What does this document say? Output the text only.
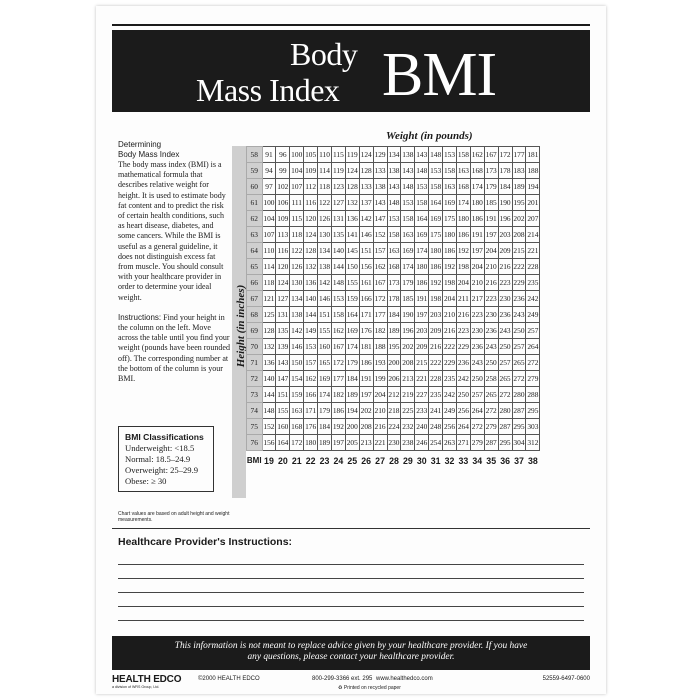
Body
Mass Index BMI
Determining
Body Mass Index

The body mass index (BMI) is a mathematical formula that describes relative weight for height. It is used to estimate body fat content and to predict the risk of certain health conditions, such as heart disease, diabetes, and some cancers. While the BMI is useful as a general guideline, it does not distinguish excess fat from muscle. You should consult with your healthcare provider in order to determine your ideal weight.

Instructions: Find your height in the column on the left. Move across the table until you find your weight (pounds have been rounded off). The corresponding number at the bottom of the column is your BMI.

BMI Classifications
Underweight: <18.5
Normal: 18.5–24.9
Overweight: 25–29.9
Obese: ≥ 30
Chart values are based on adult height and weight measurements.
Weight (in pounds)
Height (in inches)
58	91	96	100	105	110	115	119	124	129	134	138	143	148	153	158	162	167	172	177	181
59	94	99	104	109	114	119	124	128	133	138	143	148	153	158	163	168	173	178	183	188
60	97	102	107	112	118	123	128	133	138	143	148	153	158	163	168	174	179	184	189	194
61	100	106	111	116	122	127	132	137	143	148	153	158	164	169	174	180	185	190	195	201
62	104	109	115	120	126	131	136	142	147	153	158	164	169	175	180	186	191	196	202	207
63	107	113	118	124	130	135	141	146	152	158	163	169	175	180	186	191	197	203	208	214
64	110	116	122	128	134	140	145	151	157	163	169	174	180	186	192	197	204	209	215	221
65	114	120	126	132	138	144	150	156	162	168	174	180	186	192	198	204	210	216	222	228
66	118	124	130	136	142	148	155	161	167	173	179	186	192	198	204	210	216	223	229	235
67	121	127	134	140	146	153	159	166	172	178	185	191	198	204	211	217	223	230	236	242
68	125	131	138	144	151	158	164	171	177	184	190	197	203	210	216	223	230	236	243	249
69	128	135	142	149	155	162	169	176	182	189	196	203	209	216	223	230	236	243	250	257
70	132	139	146	153	160	167	174	181	188	195	202	209	216	222	229	236	243	250	257	264
71	136	143	150	157	165	172	179	186	193	200	208	215	222	229	236	243	250	257	265	272
72	140	147	154	162	169	177	184	191	199	206	213	221	228	235	242	250	258	265	272	279
73	144	151	159	166	174	182	189	197	204	212	219	227	235	242	250	257	265	272	280	288
74	148	155	163	171	179	186	194	202	210	218	225	233	241	249	256	264	272	280	287	295
75	152	160	168	176	184	192	200	208	216	224	232	240	248	256	264	272	279	287	295	303
76	156	164	172	180	189	197	205	213	221	230	238	246	254	263	271	279	287	295	304	312
BMI	19	20	21	22	23	24	25	26	27	28	29	30	31	32	33	34	35	36	37	38
Healthcare Provider's Instructions:
This information is not meant to replace advice given by your healthcare provider. If you have
any questions, please contact your healthcare provider.
HEALTH EDCO
a division of WRS Group, Ltd.
©2000 HEALTH EDCO	800-299-3366 ext. 295 www.healthedco.com
♻ Printed on recycled paper
52559-6497-0600
